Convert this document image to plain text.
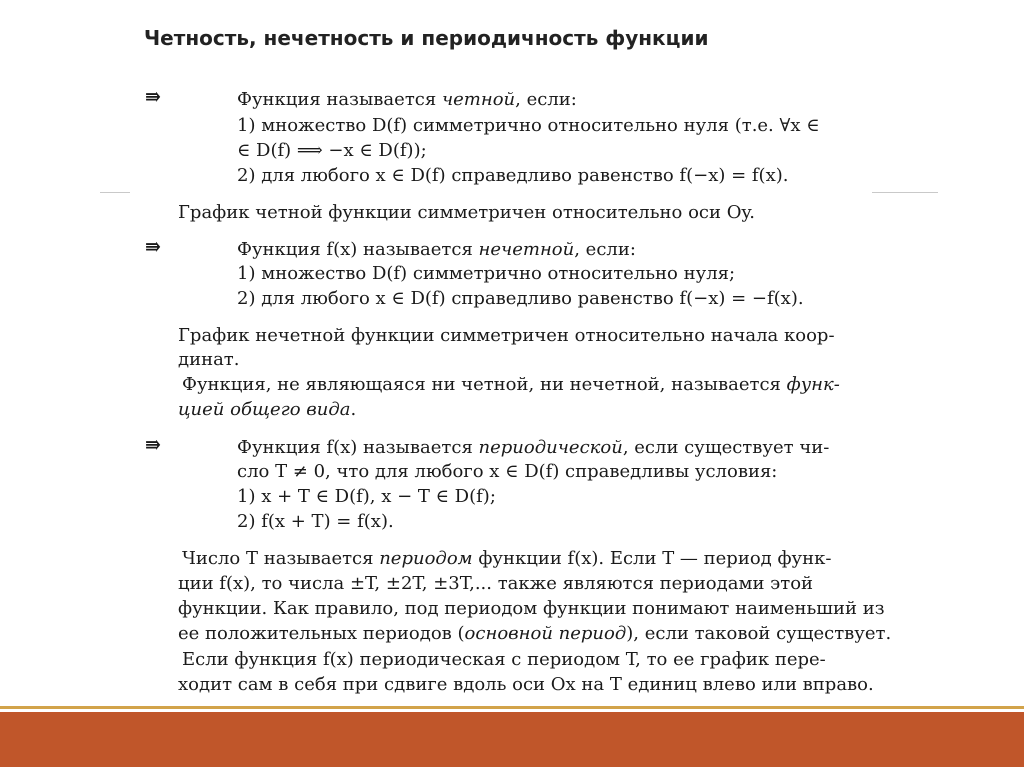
Четность, нечетность и периодичность функции
⇛	Функция называется четной, если:
1) множество D(f) симметрично относительно нуля (т.е. ∀x ∈
∈ D(f) ⟹ −x ∈ D(f));
2) для любого x ∈ D(f) справедливо равенство f(−x) = f(x).
График четной функции симметричен относительно оси Oy.
⇛	Функция f(x) называется нечетной, если:
1) множество D(f) симметрично относительно нуля;
2) для любого x ∈ D(f) справедливо равенство f(−x) = −f(x).
График нечетной функции симметричен относительно начала коор-
динат.
Функция, не являющаяся ни четной, ни нечетной, называется функ-
цией общего вида.
⇛	Функция f(x) называется периодической, если существует чи-
сло T ≠ 0, что для любого x ∈ D(f) справедливы условия:
1) x + T ∈ D(f), x − T ∈ D(f);
2) f(x + T) = f(x).
Число T называется периодом функции f(x). Если T — период функ-
ции f(x), то числа ±T, ±2T, ±3T,... также являются периодами этой
функции. Как правило, под периодом функции понимают наименьший из
ее положительных периодов (основной период), если таковой существует.
Если функция f(x) периодическая с периодом T, то ее график пере-
ходит сам в себя при сдвиге вдоль оси Ox на T единиц влево или вправо.
